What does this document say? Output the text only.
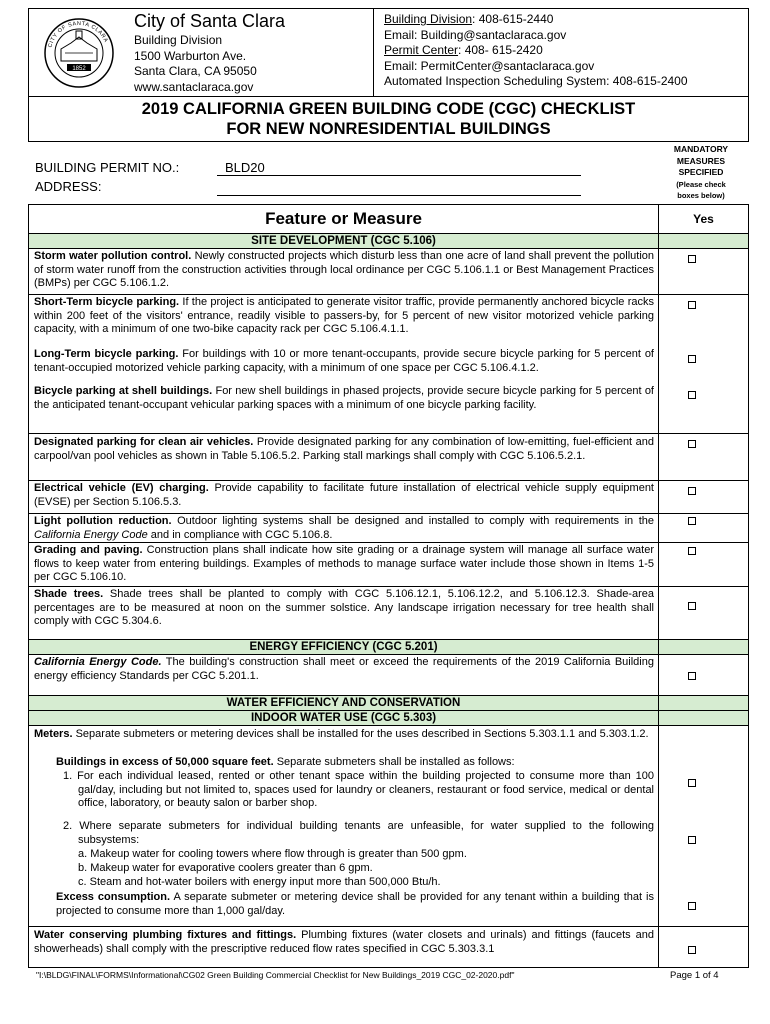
1852
CITY OF SANTA CLARA
City of Santa Clara
Building Division
1500 Warburton Ave.
Santa Clara, CA 95050
www.santaclaraca.gov
Building Division: 408-615-2440
Email: Building@santaclaraca.gov
Permit Center: 408- 615-2420
Email: PermitCenter@santaclaraca.gov
Automated Inspection Scheduling System: 408-615-2400
2019 CALIFORNIA GREEN BUILDING CODE (CGC) CHECKLIST
FOR NEW NONRESIDENTIAL BUILDINGS
BUILDING PERMIT NO.:	BLD20
ADDRESS:
MANDATORY
MEASURES
SPECIFIED
(Please check
boxes below)
Feature or Measure	Yes
SITE DEVELOPMENT (CGC 5.106)
Storm water pollution control. Newly constructed projects which disturb less than one acre of land shall prevent the pollution of storm water runoff from the construction activities through local ordinance per CGC 5.106.1.1 or Best Management Practices (BMPs) per CGC 5.106.1.2.
Short-Term bicycle parking. If the project is anticipated to generate visitor traffic, provide permanently anchored bicycle racks within 200 feet of the visitors' entrance, readily visible to passers-by, for 5 percent of new visitor motorized vehicle parking capacity, with a minimum of one two-bike capacity rack per CGC 5.106.4.1.1.
Long-Term bicycle parking. For buildings with 10 or more tenant-occupants, provide secure bicycle parking for 5 percent of tenant-occupied motorized vehicle parking capacity, with a minimum of one space per CGC 5.106.4.1.2.
Bicycle parking at shell buildings. For new shell buildings in phased projects, provide secure bicycle parking for 5 percent of the anticipated tenant-occupant vehicular parking spaces with a minimum of one bicycle parking facility.
Designated parking for clean air vehicles. Provide designated parking for any combination of low-emitting, fuel-efficient and carpool/van pool vehicles as shown in Table 5.106.5.2. Parking stall markings shall comply with CGC 5.106.5.2.1.
Electrical vehicle (EV) charging. Provide capability to facilitate future installation of electrical vehicle supply equipment (EVSE) per Section 5.106.5.3.
Light pollution reduction. Outdoor lighting systems shall be designed and installed to comply with requirements in the California Energy Code and in compliance with CGC 5.106.8.
Grading and paving. Construction plans shall indicate how site grading or a drainage system will manage all surface water flows to keep water from entering buildings. Examples of methods to manage surface water include those shown in Items 1-5 per CGC 5.106.10.
Shade trees. Shade trees shall be planted to comply with CGC 5.106.12.1, 5.106.12.2, and 5.106.12.3. Shade-area percentages are to be measured at noon on the summer solstice. Any landscape irrigation necessary for tree health shall comply with CGC 5.304.6.
ENERGY EFFICIENCY (CGC 5.201)
California Energy Code. The building's construction shall meet or exceed the requirements of the 2019 California Building energy efficiency Standards per CGC 5.201.1.
WATER EFFICIENCY AND CONSERVATION
INDOOR WATER USE (CGC 5.303)
Meters. Separate submeters or metering devices shall be installed for the uses described in Sections 5.303.1.1 and 5.303.1.2.
Buildings in excess of 50,000 square feet. Separate submeters shall be installed as follows:
1. For each individual leased, rented or other tenant space within the building projected to consume more than 100 gal/day, including but not limited to, spaces used for laundry or cleaners, restaurant or food service, medical or dental office, laboratory, or beauty salon or barber shop.
2. Where separate submeters for individual building tenants are unfeasible, for water supplied to the following subsystems:
a. Makeup water for cooling towers where flow through is greater than 500 gpm.
b. Makeup water for evaporative coolers greater than 6 gpm.
c. Steam and hot-water boilers with energy input more than 500,000 Btu/h.
Excess consumption. A separate submeter or metering device shall be provided for any tenant within a building that is projected to consume more than 1,000 gal/day.
Water conserving plumbing fixtures and fittings. Plumbing fixtures (water closets and urinals) and fittings (faucets and showerheads) shall comply with the prescriptive reduced flow rates specified in CGC 5.303.3.1
"I:\BLDG\FINAL\FORMS\Informational\CG02 Green Building Commercial Checklist for New Buildings_2019 CGC_02-2020.pdf"	Page 1 of 4
